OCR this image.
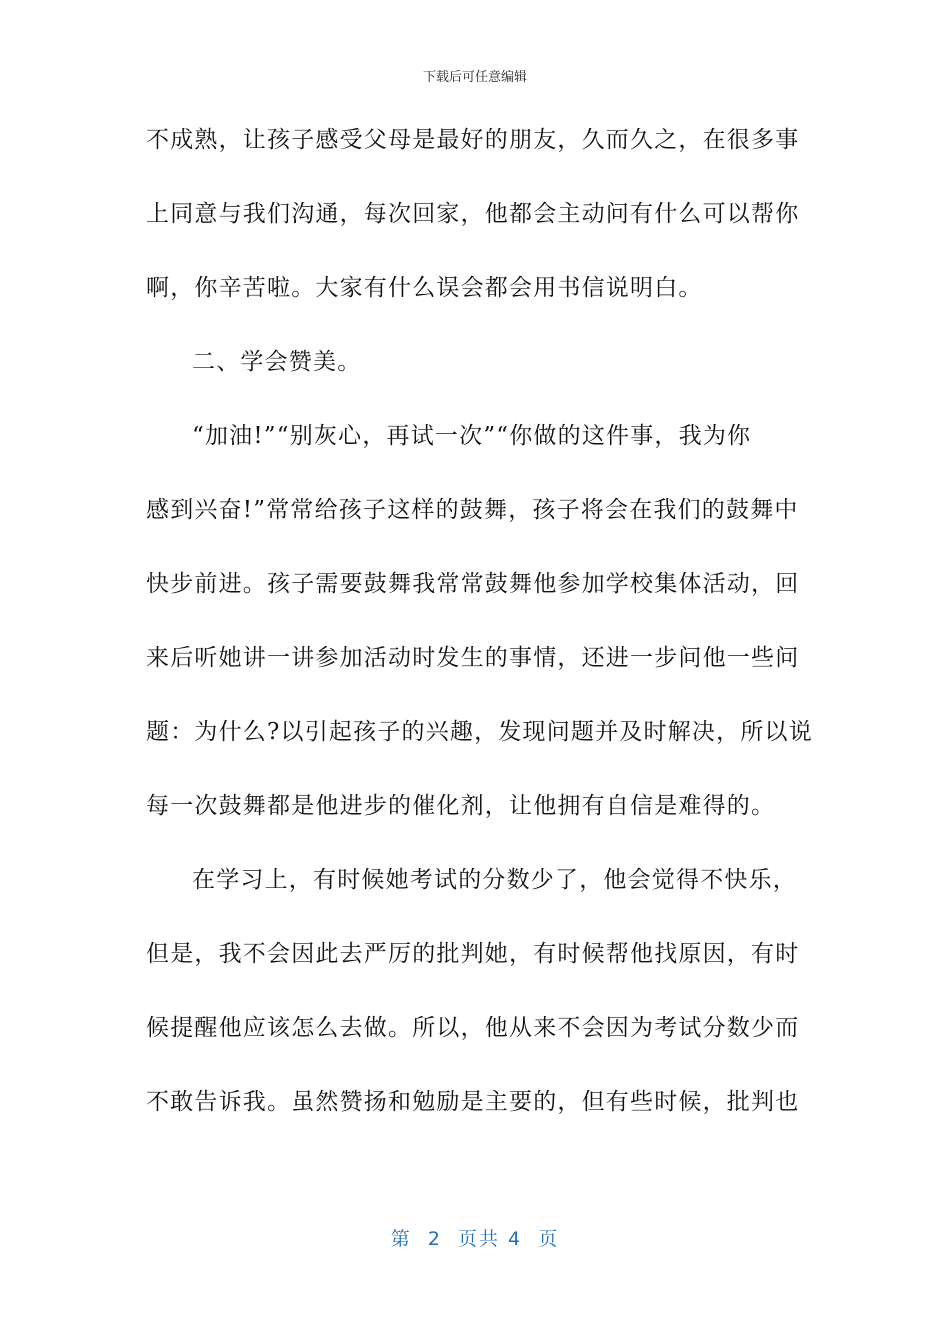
下载后可任意编辑
不成熟，让孩子感受父母是最好的朋友，久而久之，在很多事
上同意与我们沟通，每次回家，他都会主动问有什么可以帮你
啊，你辛苦啦。大家有什么误会都会用书信说明白。
二、学会赞美。
“加油!”“别灰心，再试一次”“你做的这件事，我为你
感到兴奋!”常常给孩子这样的鼓舞，孩子将会在我们的鼓舞中
快步前进。孩子需要鼓舞我常常鼓舞他参加学校集体活动，回
来后听她讲一讲参加活动时发生的事情，还进一步问他一些问
题：为什么?以引起孩子的兴趣，发现问题并及时解决，所以说
每一次鼓舞都是他进步的催化剂，让他拥有自信是难得的。
在学习上，有时候她考试的分数少了，他会觉得不快乐，
但是，我不会因此去严厉的批判她，有时候帮他找原因，有时
候提醒他应该怎么去做。所以，他从来不会因为考试分数少而
不敢告诉我。虽然赞扬和勉励是主要的，但有些时候，批判也
第  2  页共 4  页
